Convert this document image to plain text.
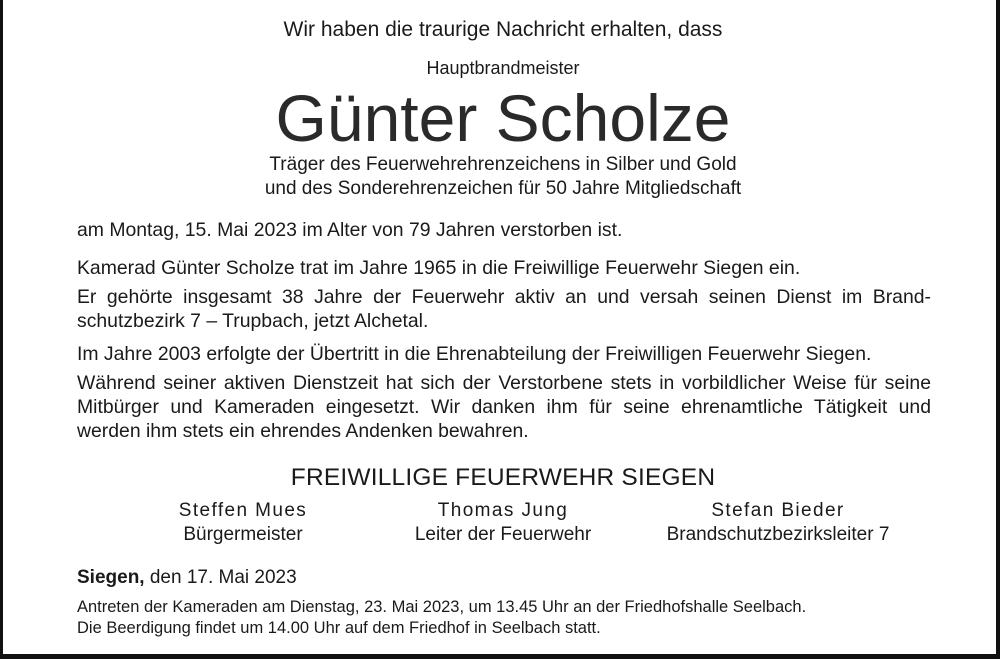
Wir haben die traurige Nachricht erhalten, dass
Hauptbrandmeister
Günter Scholze
Träger des Feuerwehrehrenzeichens in Silber und Gold
und des Sonderehrenzeichen für 50 Jahre Mitgliedschaft
am Montag, 15. Mai 2023 im Alter von 79 Jahren verstorben ist.
Kamerad Günter Scholze trat im Jahre 1965 in die Freiwillige Feuerwehr Siegen ein.
Er gehörte insgesamt 38 Jahre der Feuerwehr aktiv an und versah seinen Dienst im Brand-schutzbezirk 7 – Trupbach, jetzt Alchetal.
Im Jahre 2003 erfolgte der Übertritt in die Ehrenabteilung der Freiwilligen Feuerwehr Siegen.
Während seiner aktiven Dienstzeit hat sich der Verstorbene stets in vorbildlicher Weise für seine Mitbürger und Kameraden eingesetzt. Wir danken ihm für seine ehrenamtliche Tätigkeit und werden ihm stets ein ehrendes Andenken bewahren.
FREIWILLIGE FEUERWEHR SIEGEN
Steffen Mues
Bürgermeister
Thomas Jung
Leiter der Feuerwehr
Stefan Bieder
Brandschutzbezirksleiter 7
Siegen, den 17. Mai 2023
Antreten der Kameraden am Dienstag, 23. Mai 2023, um 13.45 Uhr an der Friedhofshalle Seelbach.
Die Beerdigung findet um 14.00 Uhr auf dem Friedhof in Seelbach statt.
